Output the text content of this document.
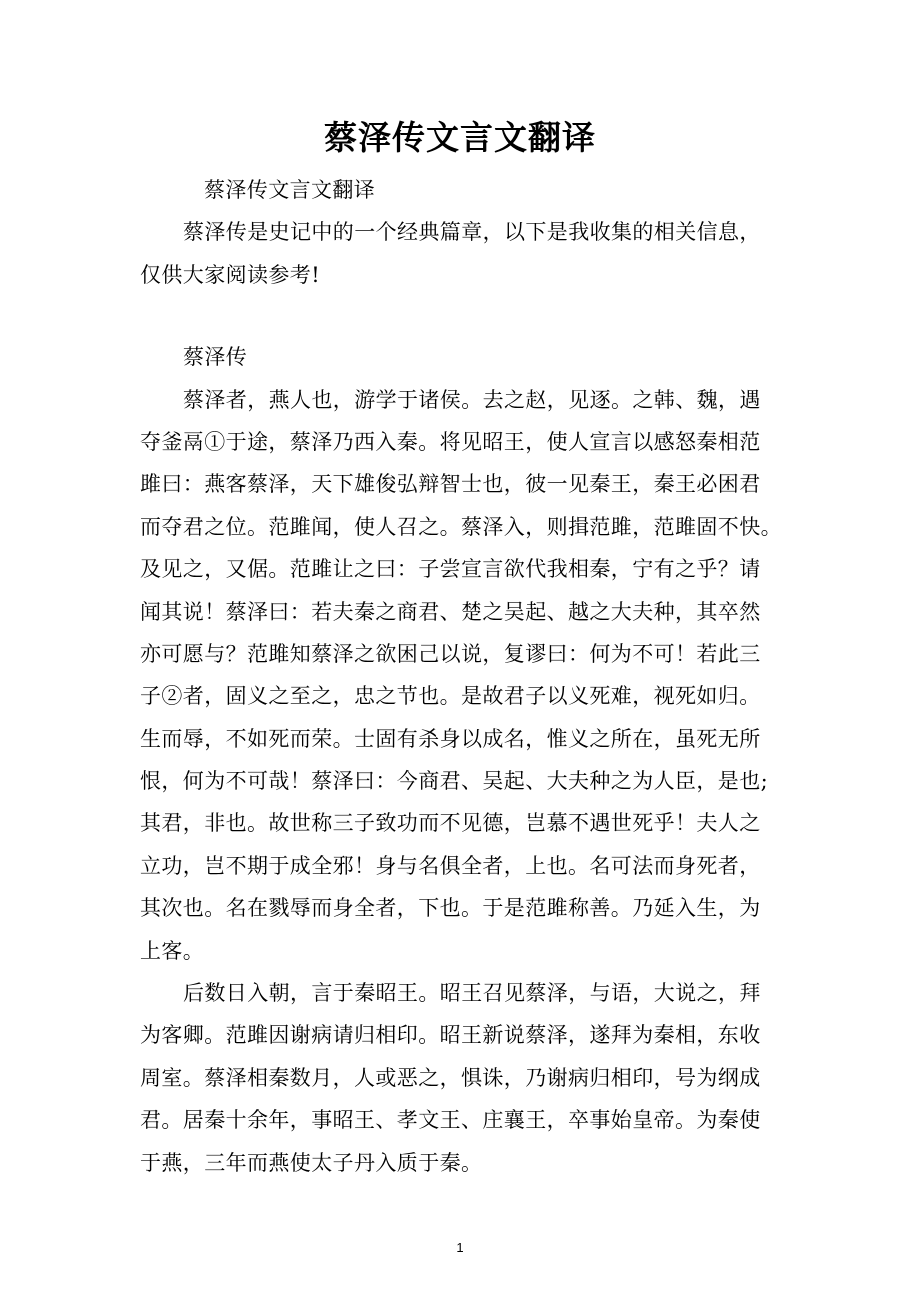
蔡泽传文言文翻译
蔡泽传文言文翻译
蔡泽传是史记中的一个经典篇章，以下是我收集的相关信息，
仅供大家阅读参考!
蔡泽传
蔡泽者，燕人也，游学于诸侯。去之赵，见逐。之韩、魏，遇
夺釜鬲①于途，蔡泽乃西入秦。将见昭王，使人宣言以感怒秦相范
雎曰：燕客蔡泽，天下雄俊弘辩智士也，彼一见秦王，秦王必困君
而夺君之位。范雎闻，使人召之。蔡泽入，则揖范雎，范雎固不快。
及见之，又倨。范雎让之曰：子尝宣言欲代我相秦，宁有之乎？请
闻其说！蔡泽曰：若夫秦之商君、楚之吴起、越之大夫种，其卒然
亦可愿与？范雎知蔡泽之欲困己以说，复谬曰：何为不可！若此三
子②者，固义之至之，忠之节也。是故君子以义死难，视死如归。
生而辱，不如死而荣。士固有杀身以成名，惟义之所在，虽死无所
恨，何为不可哉！蔡泽曰：今商君、吴起、大夫种之为人臣，是也;
其君，非也。故世称三子致功而不见德，岂慕不遇世死乎！夫人之
立功，岂不期于成全邪！身与名俱全者，上也。名可法而身死者，
其次也。名在戮辱而身全者，下也。于是范雎称善。乃延入生，为
上客。
后数日入朝，言于秦昭王。昭王召见蔡泽，与语，大说之，拜
为客卿。范雎因谢病请归相印。昭王新说蔡泽，遂拜为秦相，东收
周室。蔡泽相秦数月，人或恶之，惧诛，乃谢病归相印，号为纲成
君。居秦十余年，事昭王、孝文王、庄襄王，卒事始皇帝。为秦使
于燕，三年而燕使太子丹入质于秦。
1
